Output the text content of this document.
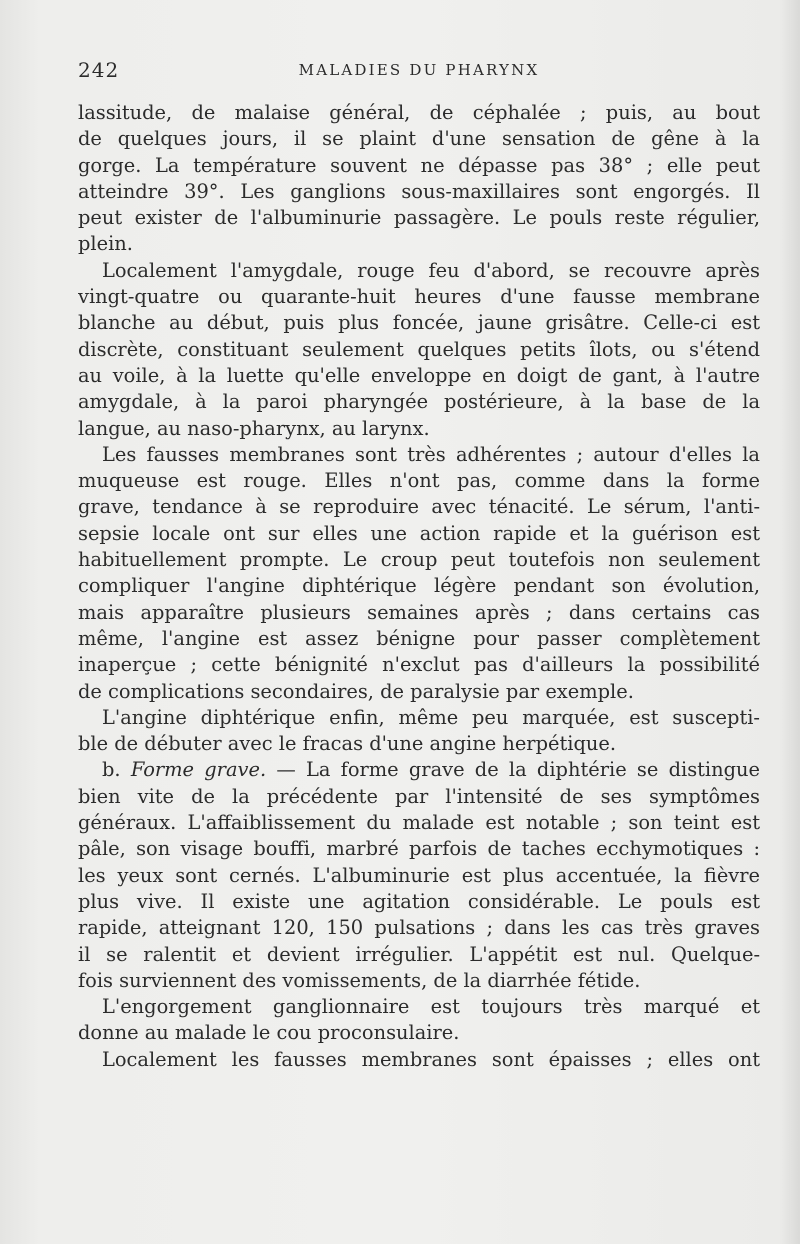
242	MALADIES DU PHARYNX
lassitude, de malaise général, de céphalée ; puis, au bout
de quelques jours, il se plaint d'une sensation de gêne à la
gorge. La température souvent ne dépasse pas 38° ; elle peut
atteindre 39°. Les ganglions sous-maxillaires sont engorgés. Il
peut exister de l'albuminurie passagère. Le pouls reste régulier,
plein.
Localement l'amygdale, rouge feu d'abord, se recouvre après
vingt-quatre ou quarante-huit heures d'une fausse membrane
blanche au début, puis plus foncée, jaune grisâtre. Celle-ci est
discrète, constituant seulement quelques petits îlots, ou s'étend
au voile, à la luette qu'elle enveloppe en doigt de gant, à l'autre
amygdale, à la paroi pharyngée postérieure, à la base de la
langue, au naso-pharynx, au larynx.
Les fausses membranes sont très adhérentes ; autour d'elles la
muqueuse est rouge. Elles n'ont pas, comme dans la forme
grave, tendance à se reproduire avec ténacité. Le sérum, l'anti-
sepsie locale ont sur elles une action rapide et la guérison est
habituellement prompte. Le croup peut toutefois non seulement
compliquer l'angine diphtérique légère pendant son évolution,
mais apparaître plusieurs semaines après ; dans certains cas
même, l'angine est assez bénigne pour passer complètement
inaperçue ; cette bénignité n'exclut pas d'ailleurs la possibilité
de complications secondaires, de paralysie par exemple.
L'angine diphtérique enfin, même peu marquée, est suscepti-
ble de débuter avec le fracas d'une angine herpétique.
b. Forme grave. — La forme grave de la diphtérie se distingue
bien vite de la précédente par l'intensité de ses symptômes
généraux. L'affaiblissement du malade est notable ; son teint est
pâle, son visage bouffi, marbré parfois de taches ecchymotiques :
les yeux sont cernés. L'albuminurie est plus accentuée, la fièvre
plus vive. Il existe une agitation considérable. Le pouls est
rapide, atteignant 120, 150 pulsations ; dans les cas très graves
il se ralentit et devient irrégulier. L'appétit est nul. Quelque-
fois surviennent des vomissements, de la diarrhée fétide.
L'engorgement ganglionnaire est toujours très marqué et
donne au malade le cou proconsulaire.
Localement les fausses membranes sont épaisses ; elles ont
